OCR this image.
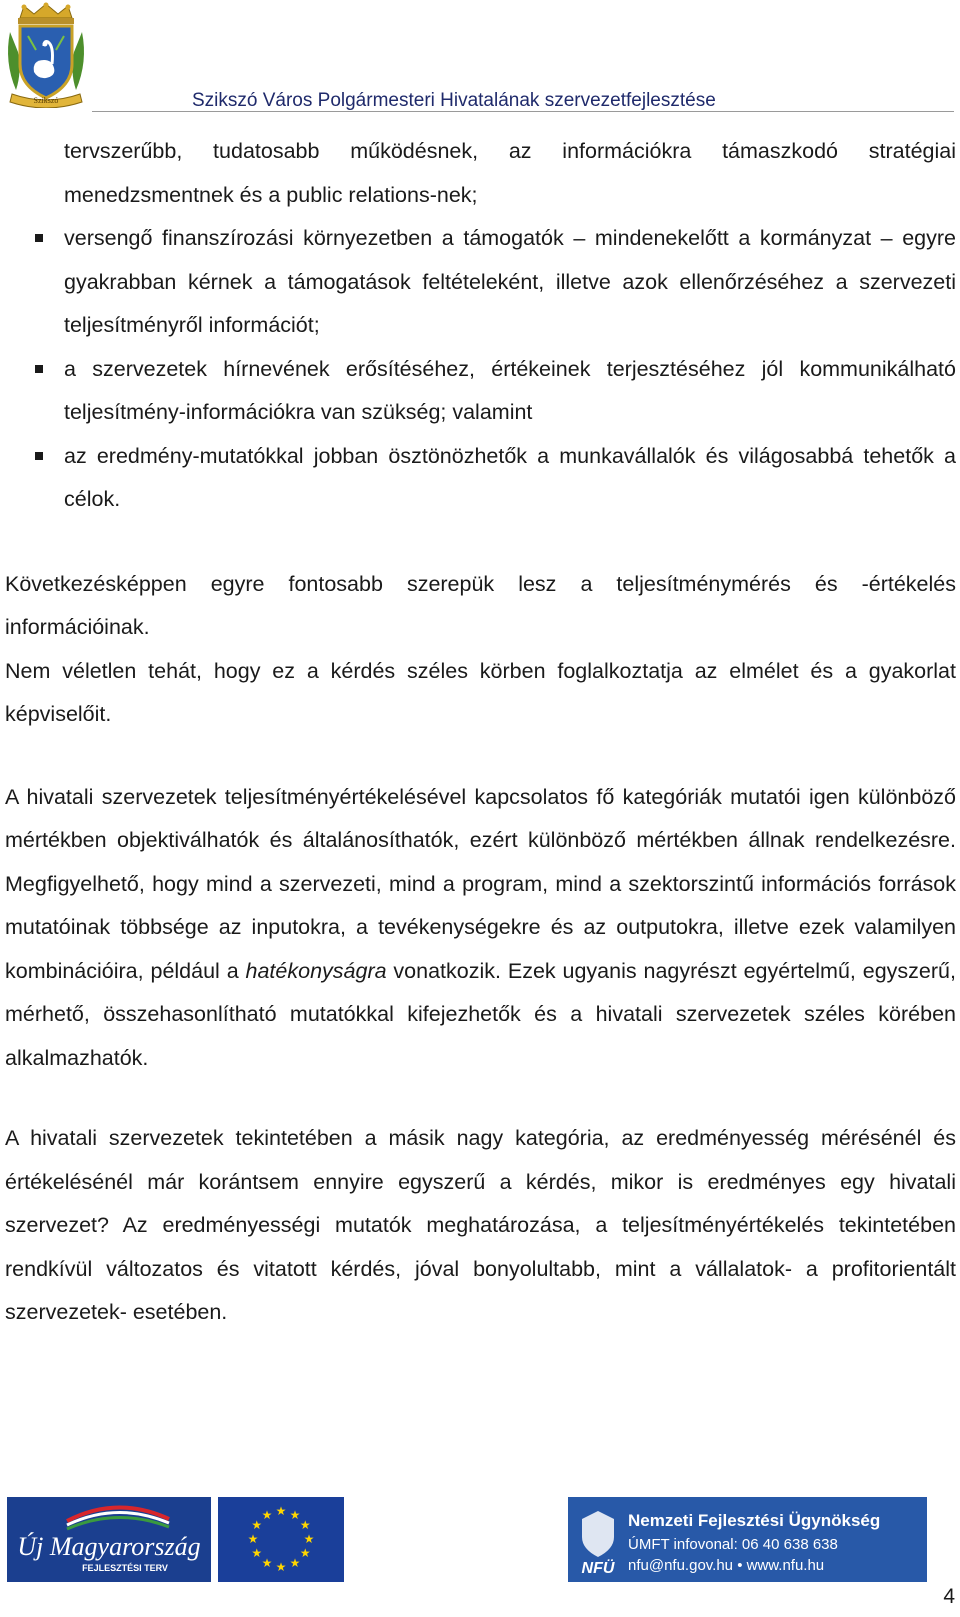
Szikszó	Szikszó Város Polgármesteri Hivatalának szervezetfejlesztése
tervszerűbb, tudatosabb működésnek, az információkra támaszkodó stratégiai menedzsmentnek és a public relations-nek;
versengő finanszírozási környezetben a támogatók – mindenekelőtt a kormányzat – egyre gyakrabban kérnek a támogatások feltételeként, illetve azok ellenőrzéséhez a szervezeti teljesítményről információt;
a szervezetek hírnevének erősítéséhez, értékeinek terjesztéséhez jól kommunikálható teljesítmény-információkra van szükség; valamint
az eredmény-mutatókkal jobban ösztönözhetők a munkavállalók és világosabbá tehetők a célok.

Következésképpen egyre fontosabb szerepük lesz a teljesítménymérés és -értékelés információinak.

Nem véletlen tehát, hogy ez a kérdés széles körben foglalkoztatja az elmélet és a gyakorlat képviselőit.

A hivatali szervezetek teljesítményértékelésével kapcsolatos fő kategóriák mutatói igen különböző mértékben objektiválhatók és általánosíthatók, ezért különböző mértékben állnak rendelkezésre. Megfigyelhető, hogy mind a szervezeti, mind a program, mind a szektorszintű információs források mutatóinak többsége az inputokra, a tevékenységekre és az outputokra, illetve ezek valamilyen kombinációira, például a hatékonyságra vonatkozik. Ezek ugyanis nagyrészt egyértelmű, egyszerű, mérhető, összehasonlítható mutatókkal kifejezhetők és a hivatali szervezetek széles körében alkalmazhatók.

A hivatali szervezetek tekintetében a másik nagy kategória, az eredményesség mérésénél és értékelésénél már korántsem ennyire egyszerű a kérdés, mikor is eredményes egy hivatali szervezet? Az eredményességi mutatók meghatározása, a teljesítményértékelés tekintetében rendkívül változatos és vitatott kérdés, jóval bonyolultabb, mint a vállalatok- a profitorientált szervezetek- esetében.

Új Magyarország
FEJLESZTÉSI TERV
★ ★
★
★
★
★
★
★
★
★
★
★
NFÜ
Nemzeti Fejlesztési Ügynökség
ÚMFT infovonal: 06 40 638 638
nfu@nfu.gov.hu • www.nfu.hu
4
